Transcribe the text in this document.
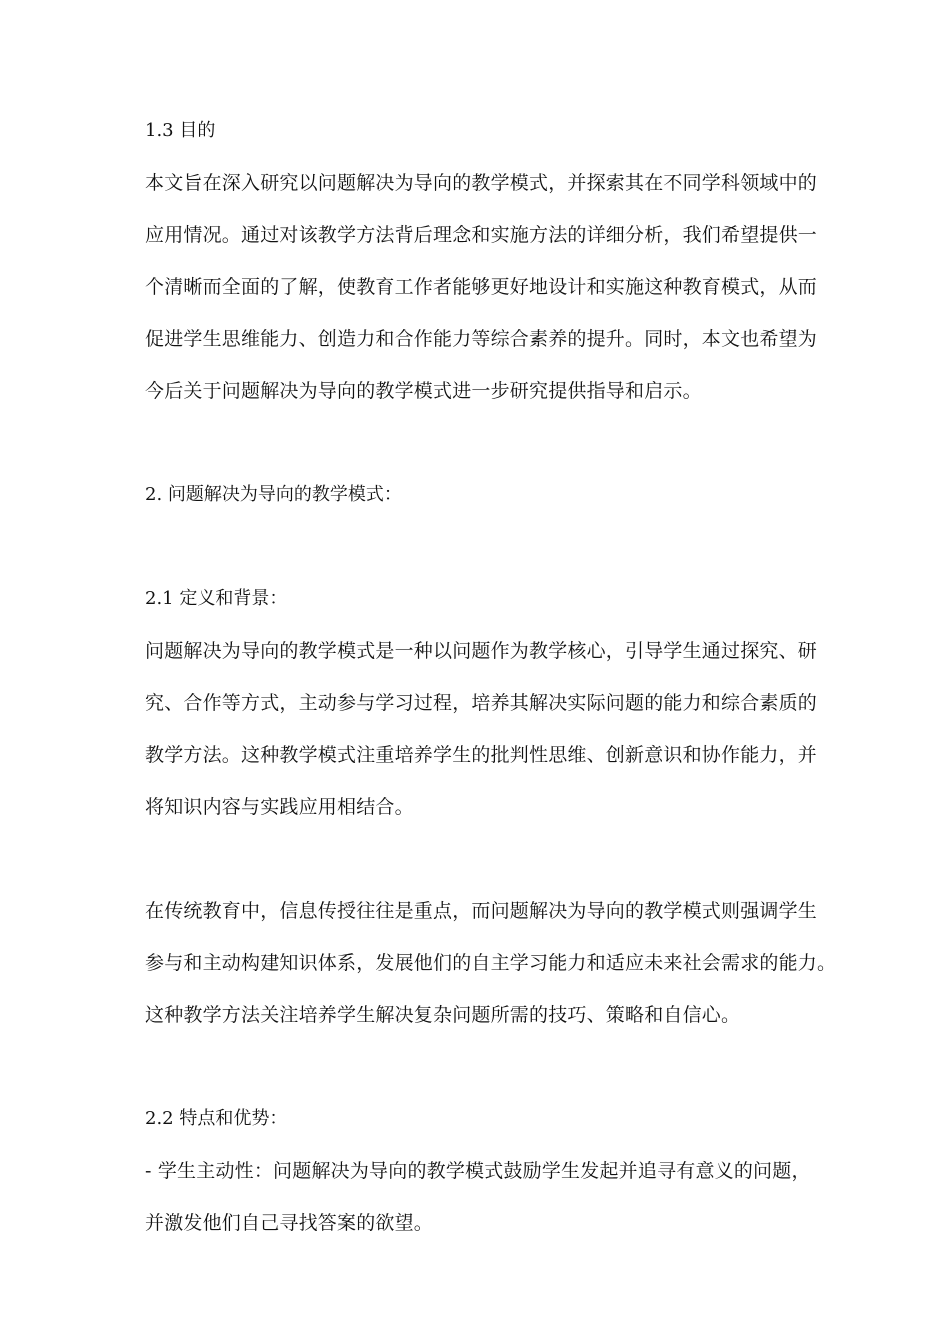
1.3 目的
本文旨在深入研究以问题解决为导向的教学模式，并探索其在不同学科领域中的
应用情况。通过对该教学方法背后理念和实施方法的详细分析，我们希望提供一
个清晰而全面的了解，使教育工作者能够更好地设计和实施这种教育模式，从而
促进学生思维能力、创造力和合作能力等综合素养的提升。同时，本文也希望为
今后关于问题解决为导向的教学模式进一步研究提供指导和启示。
2. 问题解决为导向的教学模式：
2.1 定义和背景：
问题解决为导向的教学模式是一种以问题作为教学核心，引导学生通过探究、研
究、合作等方式，主动参与学习过程，培养其解决实际问题的能力和综合素质的
教学方法。这种教学模式注重培养学生的批判性思维、创新意识和协作能力，并
将知识内容与实践应用相结合。
在传统教育中，信息传授往往是重点，而问题解决为导向的教学模式则强调学生
参与和主动构建知识体系，发展他们的自主学习能力和适应未来社会需求的能力。
这种教学方法关注培养学生解决复杂问题所需的技巧、策略和自信心。
2.2 特点和优势：
- 学生主动性：问题解决为导向的教学模式鼓励学生发起并追寻有意义的问题，
并激发他们自己寻找答案的欲望。
